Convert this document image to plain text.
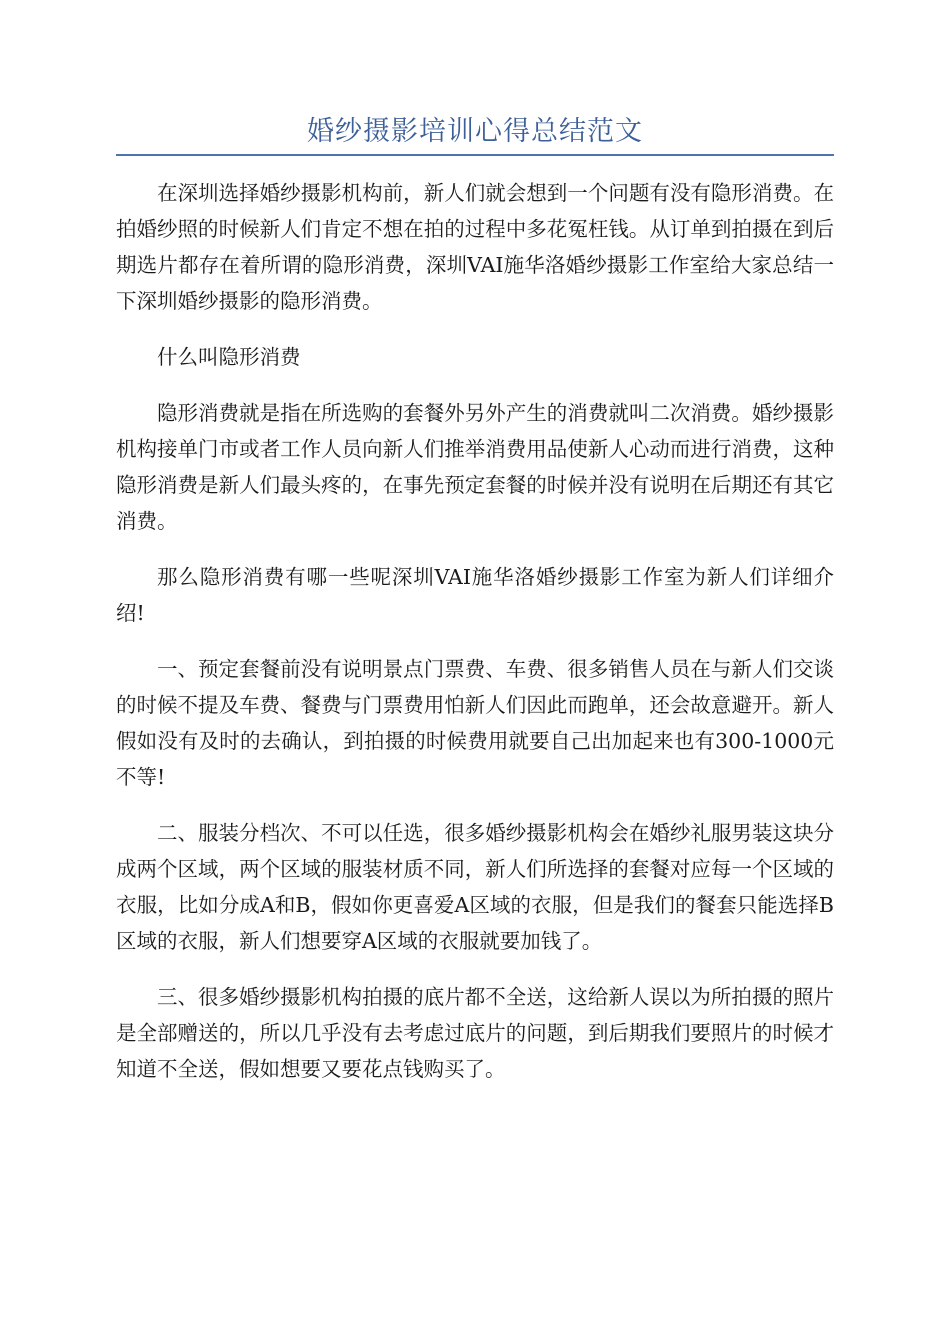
婚纱摄影培训心得总结范文

在深圳选择婚纱摄影机构前，新人们就会想到一个问题有没有隐形消费。在拍婚纱照的时候新人们肯定不想在拍的过程中多花冤枉钱。从订单到拍摄在到后期选片都存在着所谓的隐形消费，深圳VAI施华洛婚纱摄影工作室给大家总结一下深圳婚纱摄影的隐形消费。

什么叫隐形消费

隐形消费就是指在所选购的套餐外另外产生的消费就叫二次消费。婚纱摄影机构接单门市或者工作人员向新人们推举消费用品使新人心动而进行消费，这种隐形消费是新人们最头疼的，在事先预定套餐的时候并没有说明在后期还有其它消费。

那么隐形消费有哪一些呢深圳VAI施华洛婚纱摄影工作室为新人们详细介绍!

一、预定套餐前没有说明景点门票费、车费、很多销售人员在与新人们交谈的时候不提及车费、餐费与门票费用怕新人们因此而跑单，还会故意避开。新人假如没有及时的去确认，到拍摄的时候费用就要自己出加起来也有300-1000元不等!

二、服装分档次、不可以任选，很多婚纱摄影机构会在婚纱礼服男装这块分成两个区域，两个区域的服装材质不同，新人们所选择的套餐对应每一个区域的衣服，比如分成A和B，假如你更喜爱A区域的衣服，但是我们的餐套只能选择B区域的衣服，新人们想要穿A区域的衣服就要加钱了。

三、很多婚纱摄影机构拍摄的底片都不全送，这给新人误以为所拍摄的照片是全部赠送的，所以几乎没有去考虑过底片的问题，到后期我们要照片的时候才知道不全送，假如想要又要花点钱购买了。
